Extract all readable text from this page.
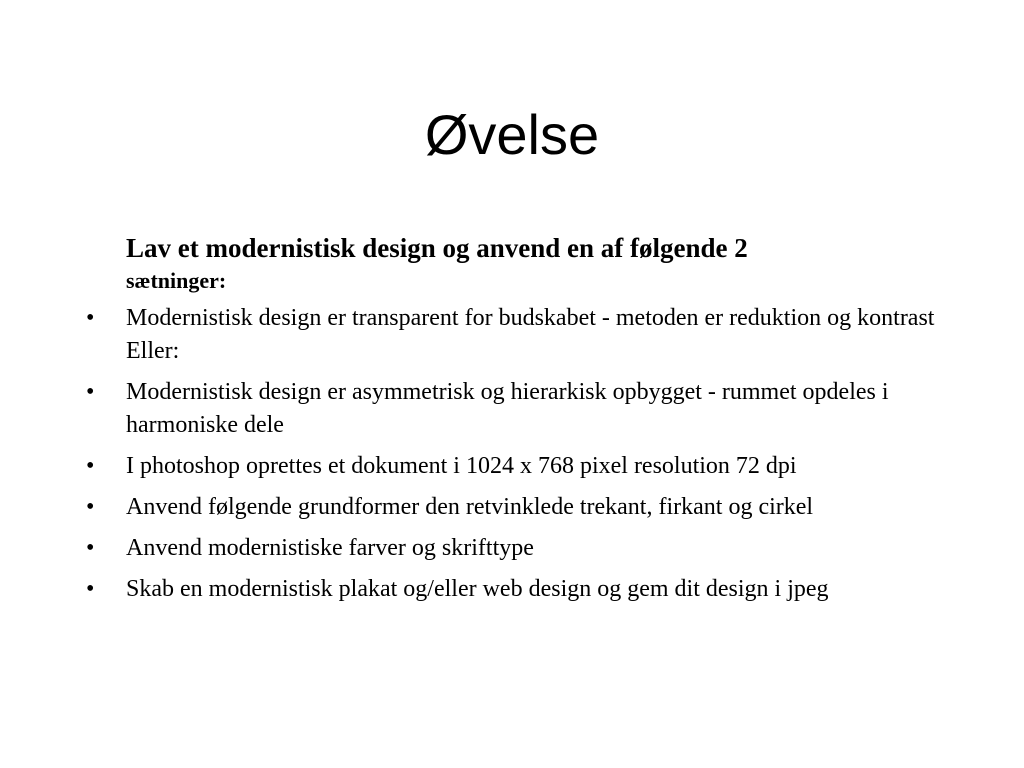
Øvelse

Lav et modernistisk design og anvend en af følgende 2
sætninger:

•	Modernistisk design er transparent for budskabet - metoden er reduktion og kontrast Eller:
•	Modernistisk design er asymmetrisk og hierarkisk opbygget - rummet opdeles i harmoniske dele
•	I photoshop oprettes et dokument i 1024 x 768 pixel resolution 72 dpi
•	Anvend følgende grundformer den retvinklede trekant, firkant og cirkel
•	Anvend modernistiske farver og skrifttype
•	Skab en modernistisk plakat og/eller web design og gem dit design i jpeg
